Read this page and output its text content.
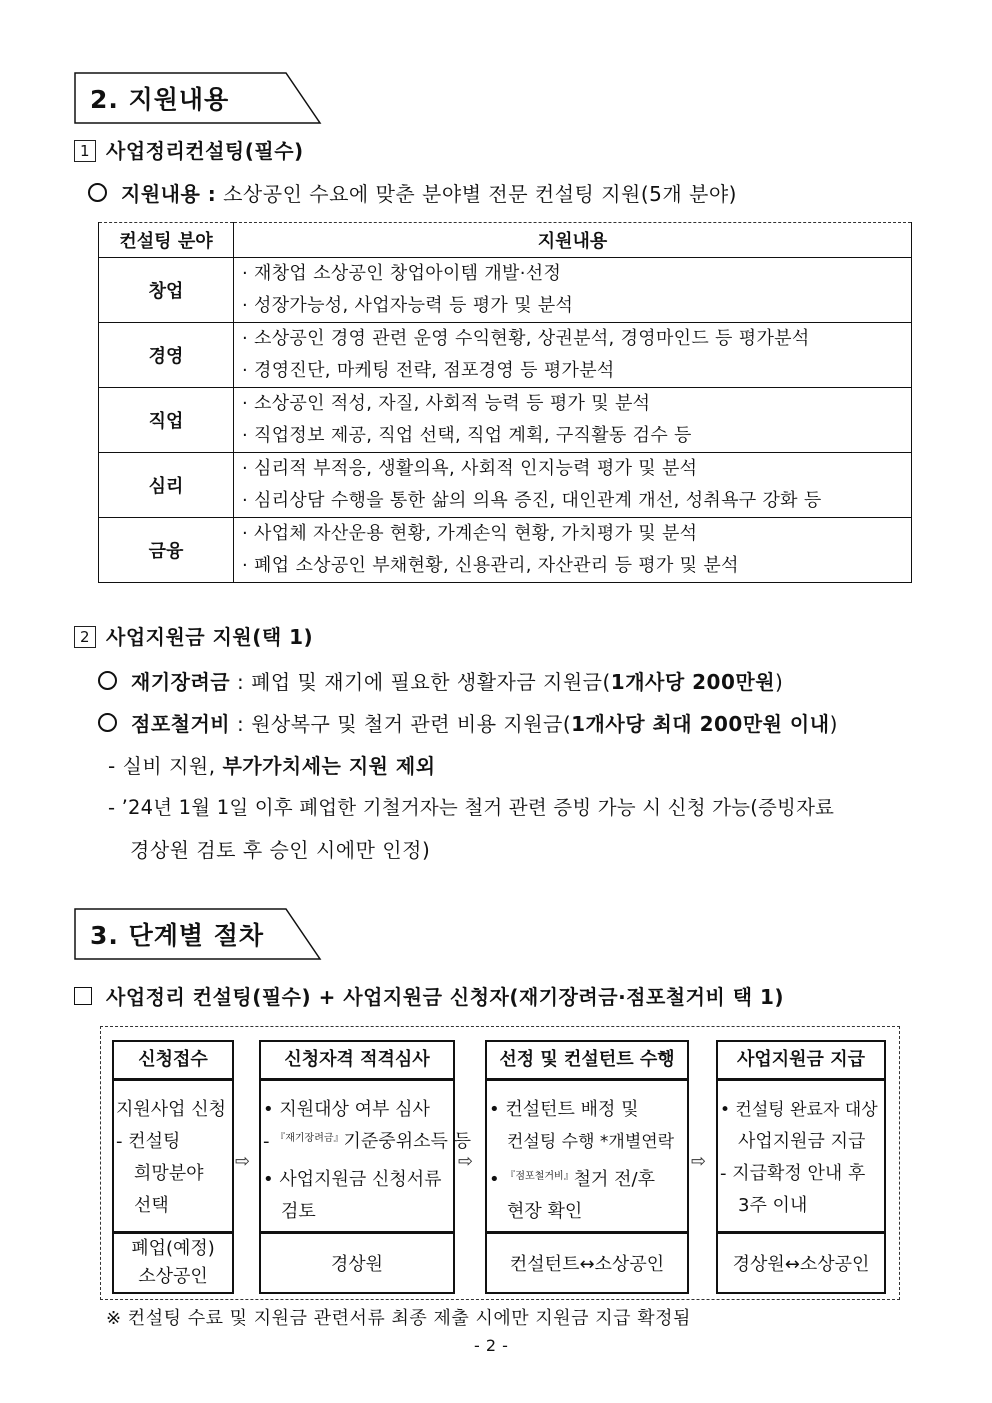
2. 지원내용
1 사업정리컨설팅(필수)
지원내용 : 소상공인 수요에 맞춘 분야별 전문 컨설팅 지원(5개 분야)
컨설팅 분야	지원내용
창업	· 재창업 소상공인 창업아이템 개발·선정
· 성장가능성, 사업자능력 등 평가 및 분석

경영	· 소상공인 경영 관련 운영 수익현황, 상권분석, 경영마인드 등 평가분석
· 경영진단, 마케팅 전략, 점포경영 등 평가분석

직업	· 소상공인 적성, 자질, 사회적 능력 등 평가 및 분석
· 직업정보 제공, 직업 선택, 직업 계획, 구직활동 검수 등

심리	· 심리적 부적응, 생활의욕, 사회적 인지능력 평가 및 분석
· 심리상담 수행을 통한 삶의 의욕 증진, 대인관계 개선, 성취욕구 강화 등

금융	· 사업체 자산운용 현황, 가계손익 현황, 가치평가 및 분석
· 폐업 소상공인 부채현황, 신용관리, 자산관리 등 평가 및 분석
2 사업지원금 지원(택 1)
재기장려금 : 폐업 및 재기에 필요한 생활자금 지원금(1개사당 200만원)
점포철거비 : 원상복구 및 철거 관련 비용 지원금(1개사당 최대 200만원 이내)
- 실비 지원, 부가가치세는 지원 제외
- ’24년 1월 1일 이후 폐업한 기철거자는 철거 관련 증빙 가능 시 신청 가능(증빙자료
경상원 검토 후 승인 시에만 인정)
3. 단계별 절차
사업정리 컨설팅(필수) + 사업지원금 신청자(재기장려금·점포철거비 택 1)
신청접수
지원사업 신청
- 컨설팅
희망분야
선택
폐업(예정)
소상공인
⇨
신청자격 적격심사
• 지원대상 여부 심사
- $^{『재기장려금』}$기준중위소득 등
• 사업지원금 신청서류
검토
경상원
⇨
선정 및 컨설턴트 수행
• 컨설턴트 배정 및
컨설팅 수행 *개별연락
• $^{『점포철거비』}$철거 전/후
현장 확인
컨설턴트↔소상공인
⇨
사업지원금 지급
• 컨설팅 완료자 대상
사업지원금 지급
- 지급확정 안내 후
3주 이내
경상원↔소상공인
※ 컨설팅 수료 및 지원금 관련서류 최종 제출 시에만 지원금 지급 확정됨
- 2 -
